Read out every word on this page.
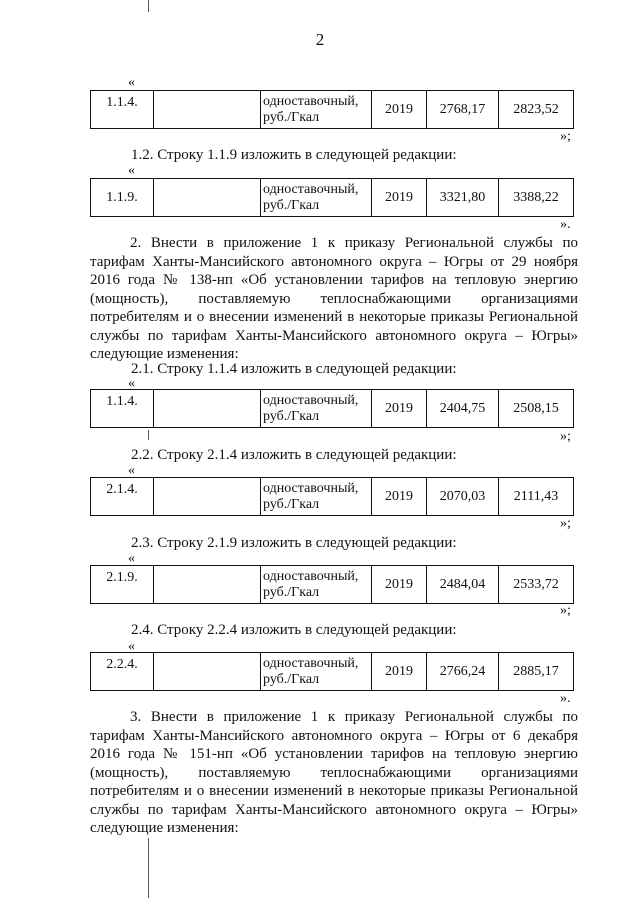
2
«
1.1.4.		одноставочный,
руб./Гкал	2019	2768,17	2823,52
»;
1.2. Строку 1.1.9 изложить в следующей редакции:
«
1.1.9.		одноставочный,
руб./Гкал	2019	3321,80	3388,22
».
2. Внести в приложение 1 к приказу Региональной службы по
тарифам Ханты-Мансийского автономного округа – Югры от 29 ноября
2016 года № 138-нп «Об установлении тарифов на тепловую энергию
(мощность), поставляемую теплоснабжающими организациями
потребителям и о внесении изменений в некоторые приказы Региональной
службы по тарифам Ханты-Мансийского автономного округа – Югры»
следующие изменения:
2.1. Строку 1.1.4 изложить в следующей редакции:
«
1.1.4.		одноставочный,
руб./Гкал	2019	2404,75	2508,15
»;
2.2. Строку 2.1.4 изложить в следующей редакции:
«
2.1.4.		одноставочный,
руб./Гкал	2019	2070,03	2111,43
»;
2.3. Строку 2.1.9 изложить в следующей редакции:
«
2.1.9.		одноставочный,
руб./Гкал	2019	2484,04	2533,72
»;
2.4. Строку 2.2.4 изложить в следующей редакции:
«
2.2.4.		одноставочный,
руб./Гкал	2019	2766,24	2885,17
».
3. Внести в приложение 1 к приказу Региональной службы по
тарифам Ханты-Мансийского автономного округа – Югры от 6 декабря
2016 года № 151-нп «Об установлении тарифов на тепловую энергию
(мощность), поставляемую теплоснабжающими организациями
потребителям и о внесении изменений в некоторые приказы Региональной
службы по тарифам Ханты-Мансийского автономного округа – Югры»
следующие изменения:
